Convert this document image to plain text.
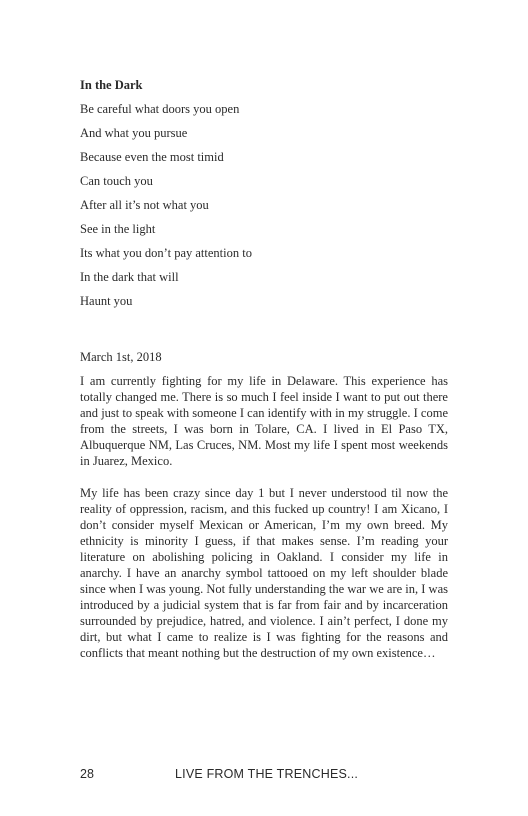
In the Dark
Be careful what doors you open
And what you pursue
Because even the most timid
Can touch you
After all it’s not what you
See in the light
Its what you don’t pay attention to
In the dark that will
Haunt you
March 1st, 2018

I am currently fighting for my life in Delaware. This experience has totally changed me. There is so much I feel inside I want to put out there and just to speak with someone I can identify with in my struggle. I come from the streets, I was born in Tolare, CA. I lived in El Paso TX, Albuquerque NM, Las Cruces, NM. Most my life I spent most weekends in Juarez, Mexico.

My life has been crazy since day 1 but I never understood til now the reality of oppression, racism, and this fucked up country! I am Xicano, I don’t consider myself Mexican or American, I’m my own breed. My ethnicity is minority I guess, if that makes sense. I’m reading your literature on abolishing policing in Oakland. I consider my life in anarchy. I have an anarchy symbol tattooed on my left shoulder blade since when I was young. Not fully understanding the war we are in, I was introduced by a judicial system that is far from fair and by incarceration surrounded by prejudice, hatred, and violence. I ain’t perfect, I done my dirt, but what I came to realize is I was fighting for the reasons and conflicts that meant nothing but the destruction of my own existence…

28	LIVE FROM THE TRENCHES...
